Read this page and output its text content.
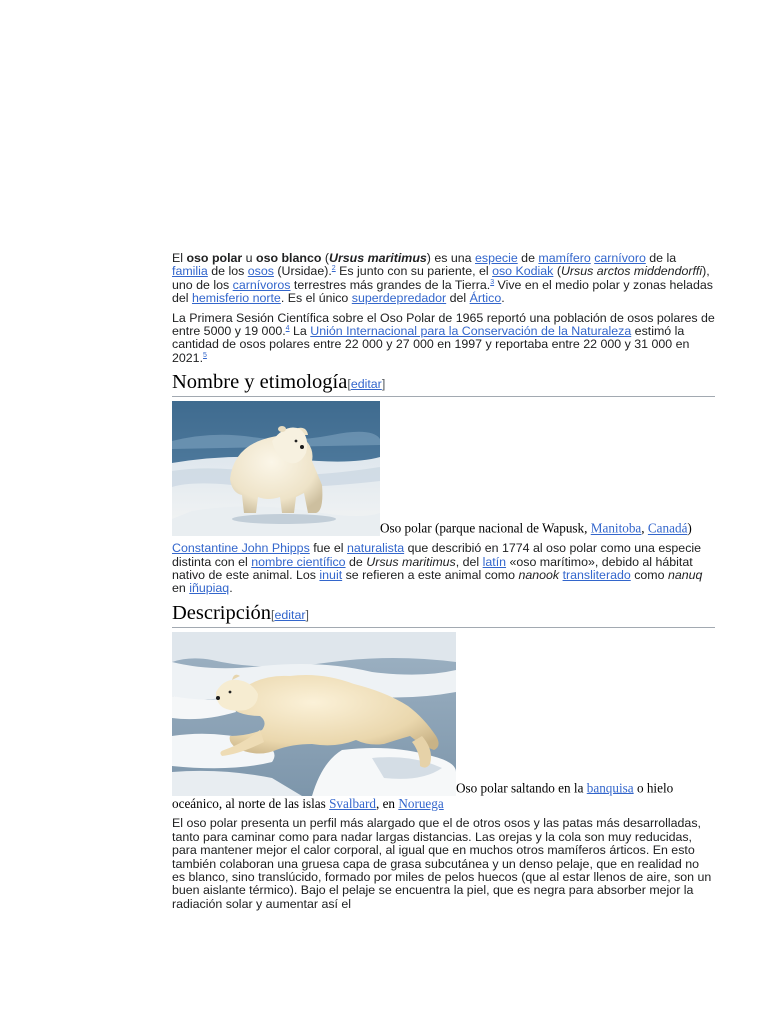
El oso polar u oso blanco (Ursus maritimus) es una especie de mamífero carnívoro de la familia de los osos (Ursidae).$^2$ Es junto con su pariente, el oso Kodiak (Ursus arctos middendorffi), uno de los carnívoros terrestres más grandes de la Tierra.$^3$ Vive en el medio polar y zonas heladas del hemisferio norte. Es el único superdepredador del Ártico.

La Primera Sesión Científica sobre el Oso Polar de 1965 reportó una población de osos polares de entre 5000 y 19 000.$^4$ La Unión Internacional para la Conservación de la Naturaleza estimó la cantidad de osos polares entre 22 000 y 27 000 en 1997 y reportaba entre 22 000 y 31 000 en 2021.$^5$

Nombre y etimología[editar]
Oso polar (parque nacional de Wapusk, Manitoba, Canadá)

Constantine John Phipps fue el naturalista que describió en 1774 al oso polar como una especie distinta con el nombre científico de Ursus maritimus, del latín «oso marítimo», debido al hábitat nativo de este animal. Los inuit se refieren a este animal como nanook transliterado como nanuq en iñupiaq.

Descripción[editar]
Oso polar saltando en la banquisa o hielo oceánico, al norte de las islas Svalbard, en Noruega

El oso polar presenta un perfil más alargado que el de otros osos y las patas más desarrolladas, tanto para caminar como para nadar largas distancias. Las orejas y la cola son muy reducidas, para mantener mejor el calor corporal, al igual que en muchos otros mamíferos árticos. En esto también colaboran una gruesa capa de grasa subcutánea y un denso pelaje, que en realidad no es blanco, sino translúcido, formado por miles de pelos huecos (que al estar llenos de aire, son un buen aislante térmico). Bajo el pelaje se encuentra la piel, que es negra para absorber mejor la radiación solar y aumentar así el
